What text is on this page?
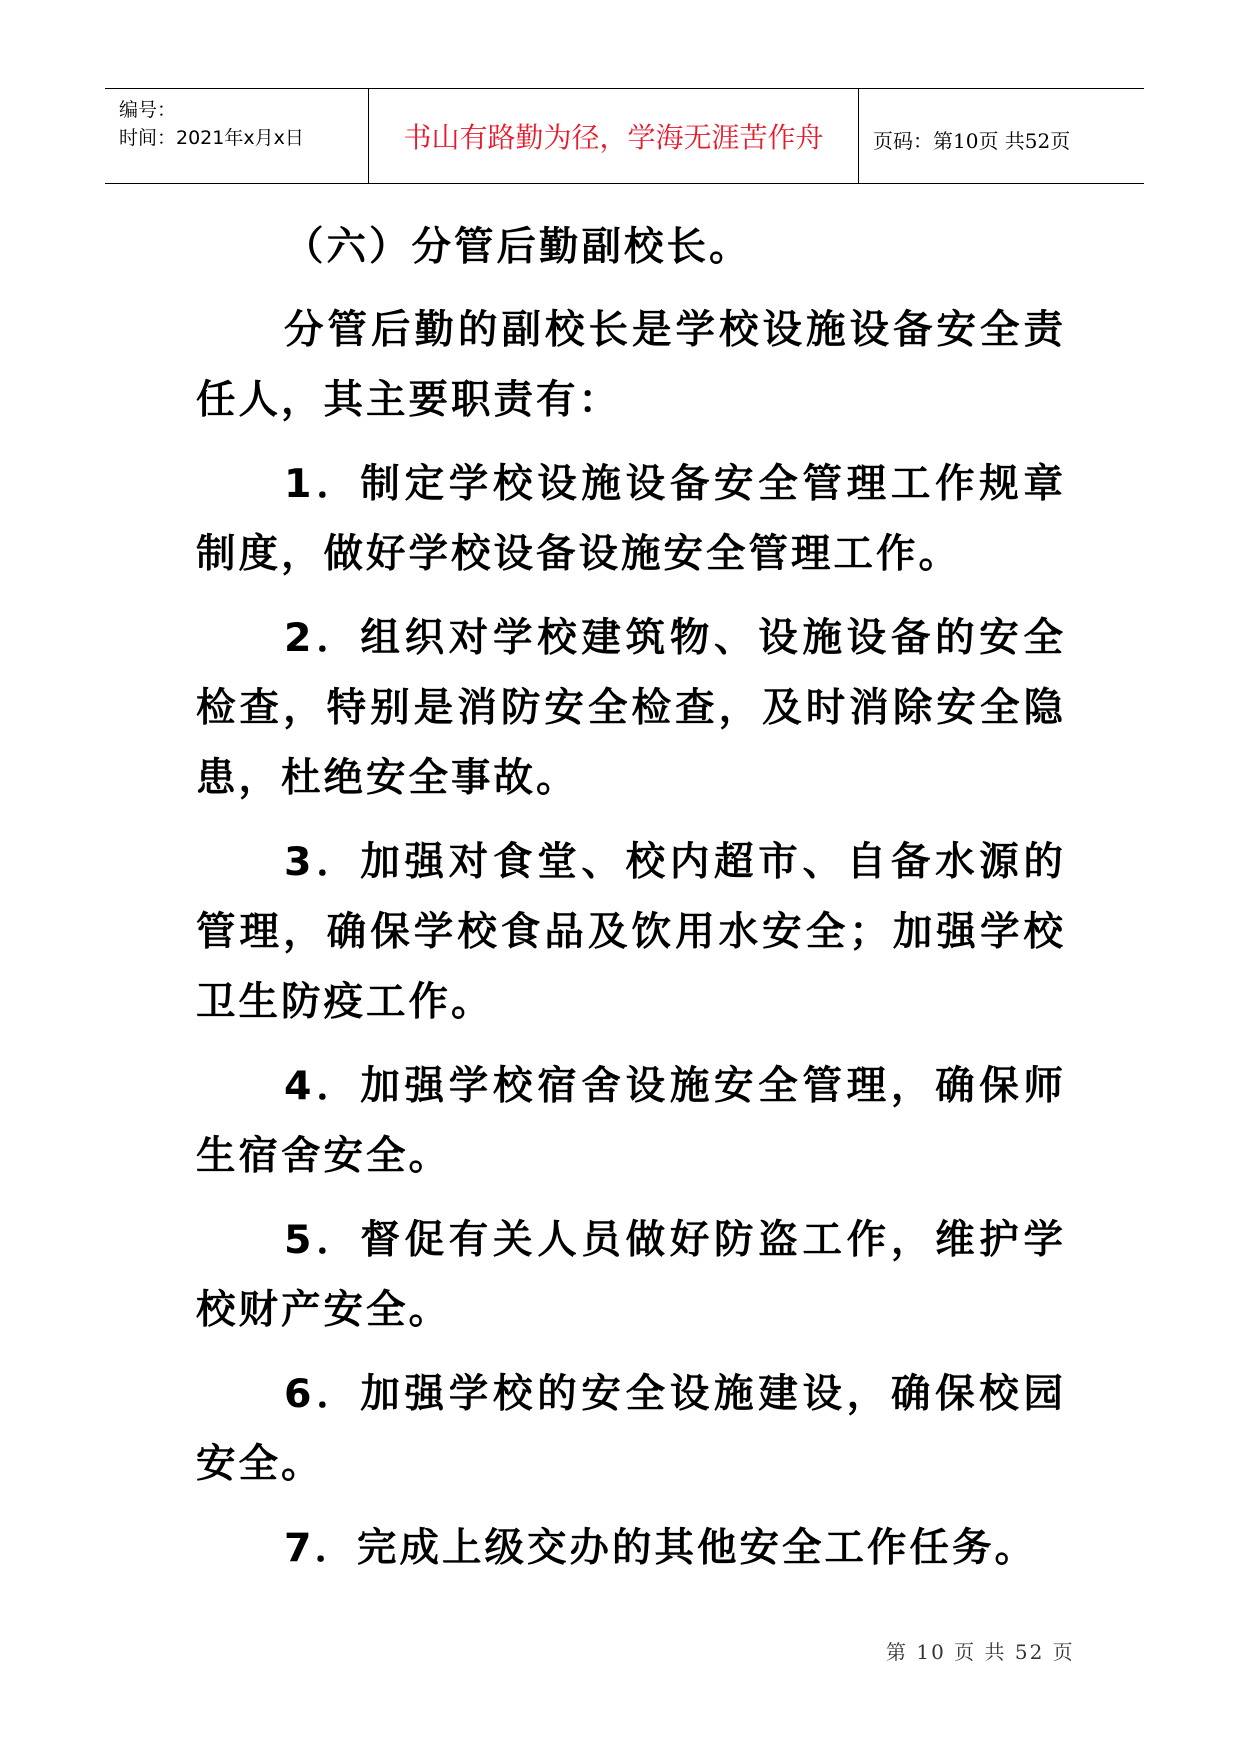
编号：
时间：2021年x月x日	书山有路勤为径，学海无涯苦作舟	页码：第10页 共52页

（六）分管后勤副校长。

分管后勤的副校长是学校设施设备安全责任人，其主要职责有：

1．制定学校设施设备安全管理工作规章制度，做好学校设备设施安全管理工作。

2．组织对学校建筑物、设施设备的安全检查，特别是消防安全检查，及时消除安全隐患，杜绝安全事故。

3．加强对食堂、校内超市、自备水源的管理，确保学校食品及饮用水安全；加强学校卫生防疫工作。

4．加强学校宿舍设施安全管理，确保师生宿舍安全。

5．督促有关人员做好防盗工作，维护学校财产安全。

6．加强学校的安全设施建设，确保校园安全。

7．完成上级交办的其他安全工作任务。

第 10 页 共 52 页
